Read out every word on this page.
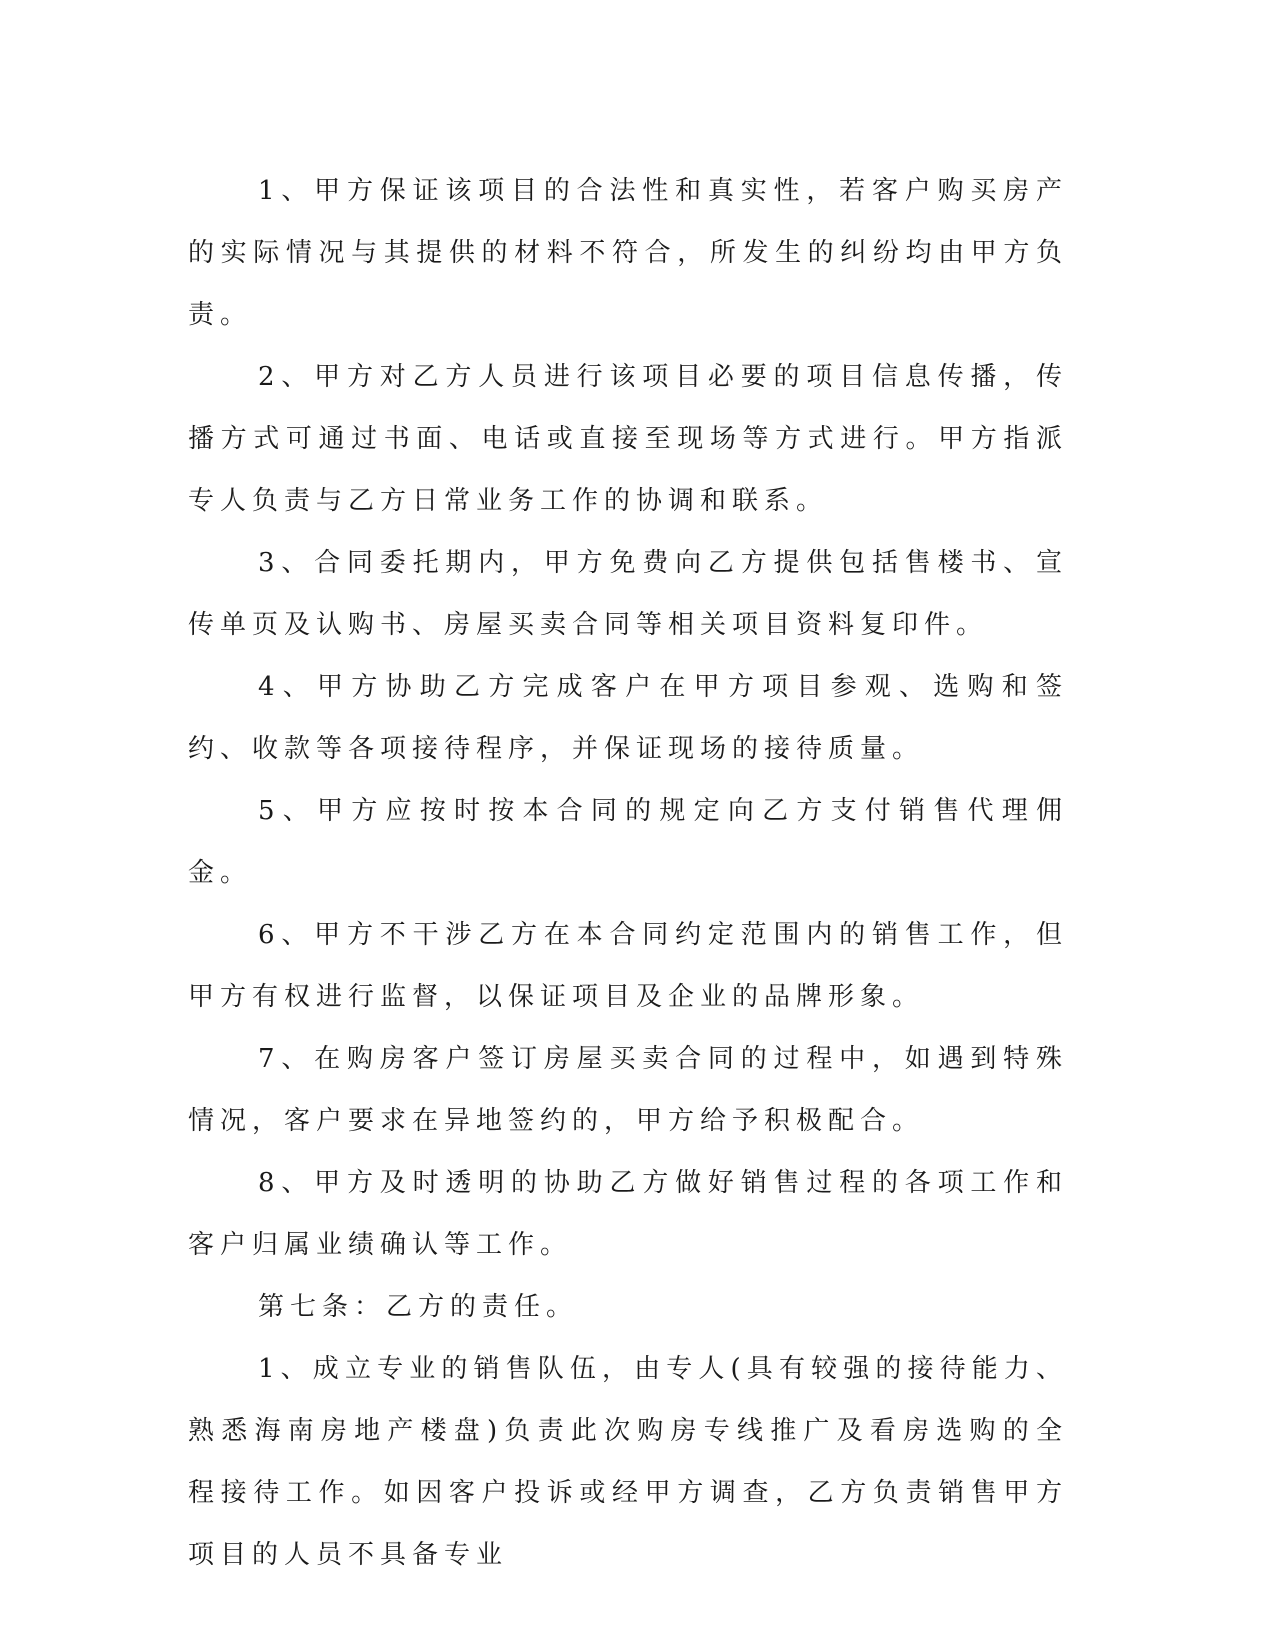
1、甲方保证该项目的合法性和真实性，若客户购买房产的实际情况与其提供的材料不符合，所发生的纠纷均由甲方负责。

2、甲方对乙方人员进行该项目必要的项目信息传播，传播方式可通过书面、电话或直接至现场等方式进行。甲方指派专人负责与乙方日常业务工作的协调和联系。

3、合同委托期内，甲方免费向乙方提供包括售楼书、宣传单页及认购书、房屋买卖合同等相关项目资料复印件。

4、甲方协助乙方完成客户在甲方项目参观、选购和签约、收款等各项接待程序，并保证现场的接待质量。

5、甲方应按时按本合同的规定向乙方支付销售代理佣金。

6、甲方不干涉乙方在本合同约定范围内的销售工作，但甲方有权进行监督，以保证项目及企业的品牌形象。

7、在购房客户签订房屋买卖合同的过程中，如遇到特殊情况，客户要求在异地签约的，甲方给予积极配合。

8、甲方及时透明的协助乙方做好销售过程的各项工作和客户归属业绩确认等工作。

第七条：乙方的责任。

1、成立专业的销售队伍，由专人(具有较强的接待能力、熟悉海南房地产楼盘)负责此次购房专线推广及看房选购的全程接待工作。如因客户投诉或经甲方调查，乙方负责销售甲方项目的人员不具备专业
